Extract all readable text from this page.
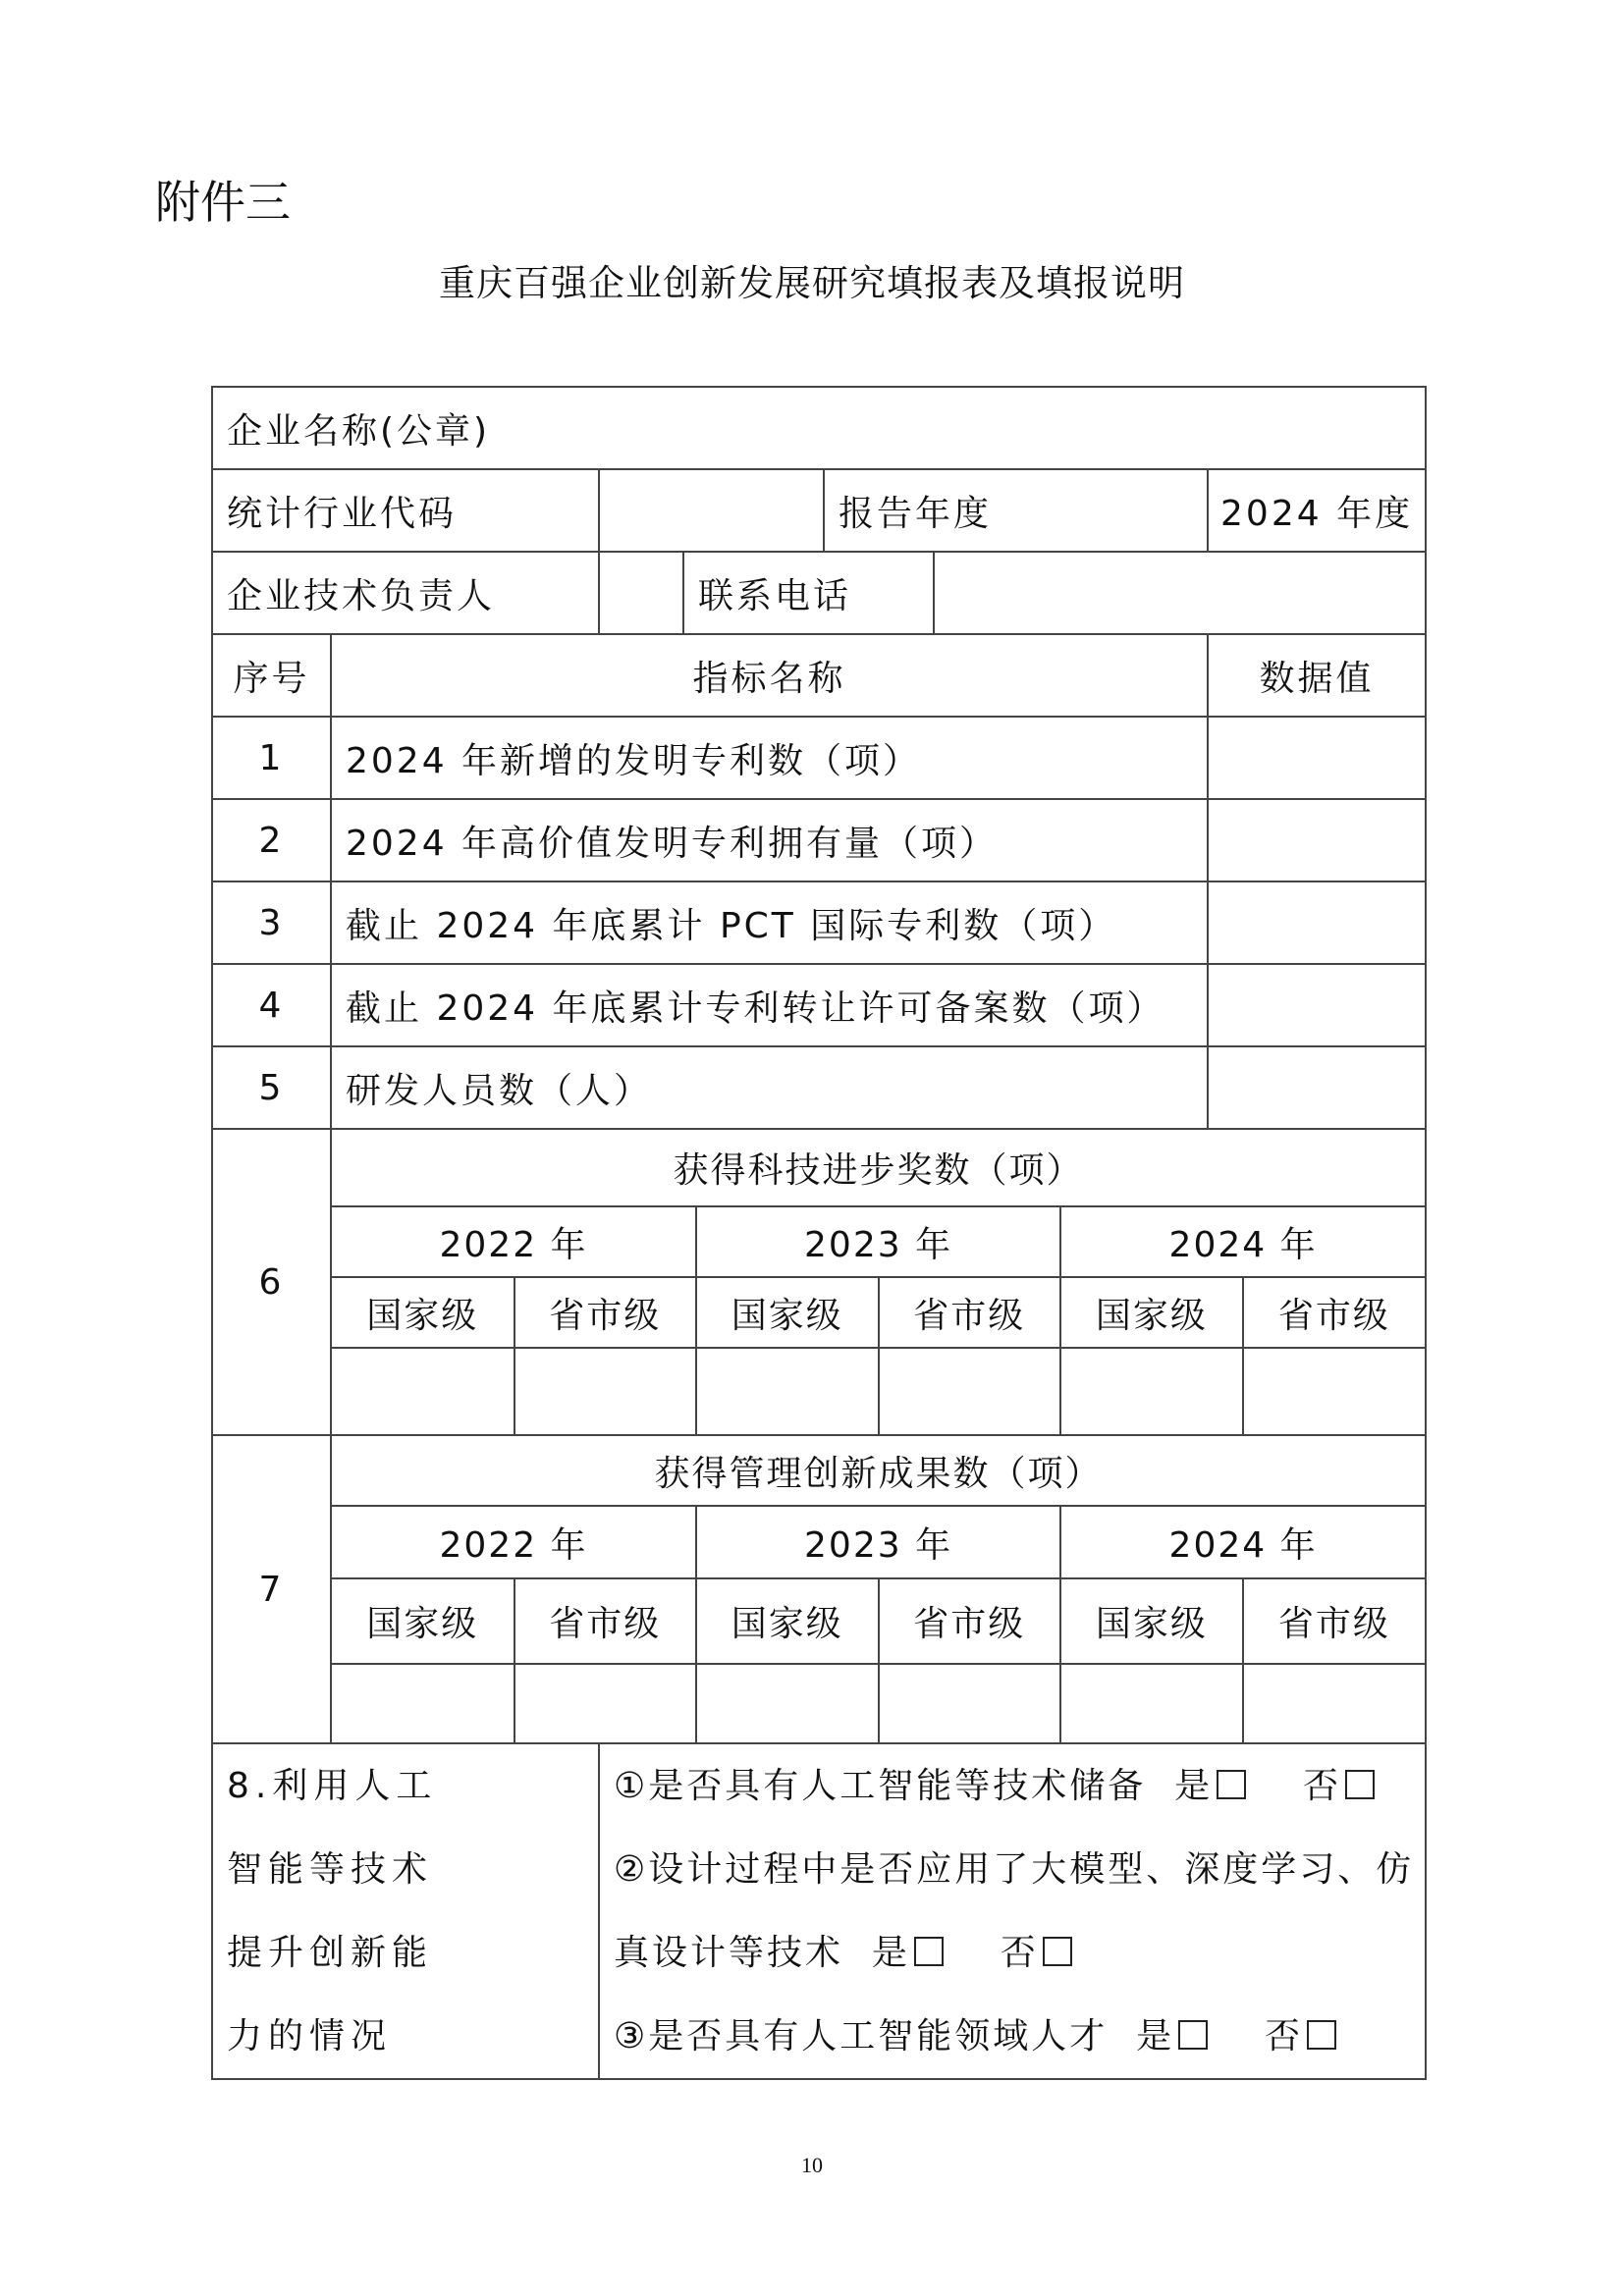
附件三
重庆百强企业创新发展研究填报表及填报说明
企业名称(公章)
统计行业代码		报告年度	2024 年度
企业技术负责人		联系电话	
序号	指标名称	数据值
1	2024 年新增的发明专利数（项）	
2	2024 年高价值发明专利拥有量（项）	
3	截止 2024 年底累计 PCT 国际专利数（项）	
4	截止 2024 年底累计专利转让许可备案数（项）	
5	研发人员数（人）	
6	
获得科技进步奖数（项）
2022 年	2023 年	2024 年
国家级	省市级	国家级	省市级	国家级	省市级

7	
获得管理创新成果数（项）
2022 年	2023 年	2024 年
国家级	省市级	国家级	省市级	国家级	省市级

8.利用人工智能等技术提升创新能力的情况

①是否具有人工智能等技术储备 是	否
②设计过程中是否应用了大模型、深度学习、仿真设计等技术 是	否
③是否具有人工智能领域人才 是	否
10
